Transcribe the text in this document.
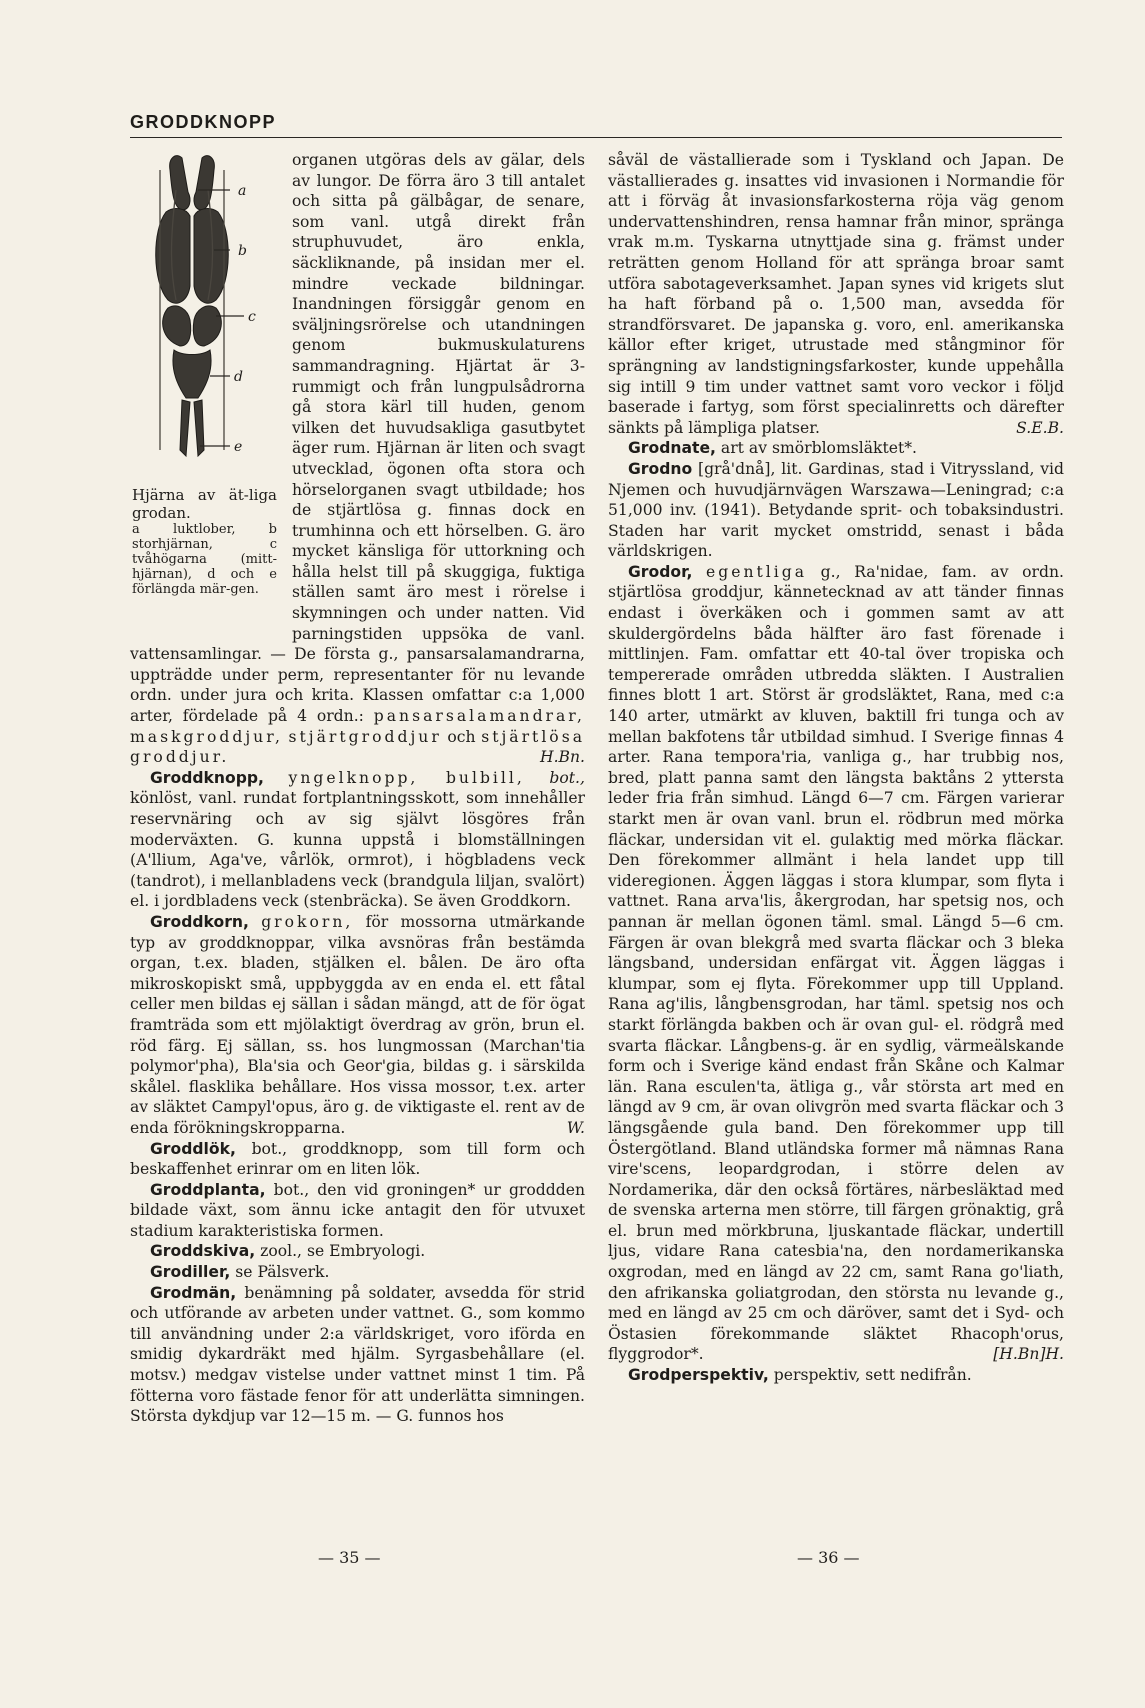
GRODDKNOPP
a
b
c
d
e
Hjärna av ät-liga grodan.
a luktlober, b storhjärnan, c tvåhögarna (mitt-hjärnan), d och e förlängda mär-gen.

organen utgöras dels av gälar, dels av lungor. De förra äro 3 till antalet och sitta på gälbågar, de senare, som vanl. utgå direkt från struphuvudet, äro enkla, säckliknande, på insidan mer el. mindre veckade bildningar. Inandningen försiggår genom en sväljningsrörelse och utandningen genom bukmuskulaturens sammandragning. Hjärtat är 3-rummigt och från lungpulsådrorna gå stora kärl till huden, genom vilken det huvudsakliga gasutbytet äger rum. Hjärnan är liten och svagt utvecklad, ögonen ofta stora och hörselorganen svagt utbildade; hos de stjärtlösa g. finnas dock en trumhinna och ett hörselben. G. äro mycket känsliga för uttorkning och hålla helst till på skuggiga, fuktiga ställen samt äro mest i rörelse i skymningen och under natten. Vid parningstiden uppsöka de vanl. vattensamlingar. — De första g., pansarsalamandrarna, uppträdde under perm, representanter för nu levande ordn. under jura och krita. Klassen omfattar c:a 1,000 arter, fördelade på 4 ordn.: pansarsalamandrar, maskgroddjur, stjärtgroddjur och stjärtlösa groddjur.	H.Bn.

Groddknopp, yngelknopp, bulbill, bot., könlöst, vanl. rundat fortplantningsskott, som innehåller reservnäring och av sig självt lösgöres från moderväxten. G. kunna uppstå i blomställningen (A'llium, Aga've, vårlök, ormrot), i högbladens veck (tandrot), i mellanbladens veck (brandgula liljan, svalört) el. i jordbladens veck (stenbräcka). Se även Groddkorn.

Groddkorn, grokorn, för mossorna utmärkande typ av groddknoppar, vilka avsnöras från bestämda organ, t.ex. bladen, stjälken el. bålen. De äro ofta mikroskopiskt små, uppbyggda av en enda el. ett fåtal celler men bildas ej sällan i sådan mängd, att de för ögat framträda som ett mjölaktigt överdrag av grön, brun el. röd färg. Ej sällan, ss. hos lungmossan (Marchan'tia polymor'pha), Bla'sia och Geor'gia, bildas g. i särskilda skålel. flasklika behållare. Hos vissa mossor, t.ex. arter av släktet Campyl'opus, äro g. de viktigaste el. rent av de enda förökningskropparna.	W.

Groddlök, bot., groddknopp, som till form och beskaffenhet erinrar om en liten lök.

Groddplanta, bot., den vid groningen* ur groddden bildade växt, som ännu icke antagit den för utvuxet stadium karakteristiska formen.

Groddskiva, zool., se Embryologi.

Grodiller, se Pälsverk.

Grodmän, benämning på soldater, avsedda för strid och utförande av arbeten under vattnet. G., som kommo till användning under 2:a världskriget, voro iförda en smidig dykardräkt med hjälm. Syrgasbehållare (el. motsv.) medgav vistelse under vattnet minst 1 tim. På fötterna voro fästade fenor för att underlätta simningen. Största dykdjup var 12—15 m. — G. funnos hos

såväl de västallierade som i Tyskland och Japan. De västallierades g. insattes vid invasionen i Normandie för att i förväg åt invasionsfarkosterna röja väg genom undervattenshindren, rensa hamnar från minor, spränga vrak m.m. Tyskarna utnyttjade sina g. främst under reträtten genom Holland för att spränga broar samt utföra sabotageverksamhet. Japan synes vid krigets slut ha haft förband på o. 1,500 man, avsedda för strandförsvaret. De japanska g. voro, enl. amerikanska källor efter kriget, utrustade med stångminor för sprängning av landstigningsfarkoster, kunde uppehålla sig intill 9 tim under vattnet samt voro veckor i följd baserade i fartyg, som först specialinretts och därefter sänkts på lämpliga platser.	S.E.B.

Grodnate, art av smörblomsläktet*.

Grodno [grå'dnå], lit. Gardinas, stad i Vitryssland, vid Njemen och huvudjärnvägen Warszawa—Leningrad; c:a 51,000 inv. (1941). Betydande sprit- och tobaksindustri. Staden har varit mycket omstridd, senast i båda världskrigen.

Grodor, egentliga g., Ra'nidae, fam. av ordn. stjärtlösa groddjur, kännetecknad av att tänder finnas endast i överkäken och i gommen samt av att skuldergördelns båda hälfter äro fast förenade i mittlinjen. Fam. omfattar ett 40-tal över tropiska och tempererade områden utbredda släkten. I Australien finnes blott 1 art. Störst är grodsläktet, Rana, med c:a 140 arter, utmärkt av kluven, baktill fri tunga och av mellan bakfotens tår utbildad simhud. I Sverige finnas 4 arter. Rana tempora'ria, vanliga g., har trubbig nos, bred, platt panna samt den längsta baktåns 2 yttersta leder fria från simhud. Längd 6—7 cm. Färgen varierar starkt men är ovan vanl. brun el. rödbrun med mörka fläckar, undersidan vit el. gulaktig med mörka fläckar. Den förekommer allmänt i hela landet upp till videregionen. Äggen läggas i stora klumpar, som flyta i vattnet. Rana arva'lis, åkergrodan, har spetsig nos, och pannan är mellan ögonen täml. smal. Längd 5—6 cm. Färgen är ovan blekgrå med svarta fläckar och 3 bleka längsband, undersidan enfärgat vit. Äggen läggas i klumpar, som ej flyta. Förekommer upp till Uppland. Rana ag'ilis, långbensgrodan, har täml. spetsig nos och starkt förlängda bakben och är ovan gul- el. rödgrå med svarta fläckar. Långbens-g. är en sydlig, värmeälskande form och i Sverige känd endast från Skåne och Kalmar län. Rana esculen'ta, ätliga g., vår största art med en längd av 9 cm, är ovan olivgrön med svarta fläckar och 3 längsgående gula band. Den förekommer upp till Östergötland. Bland utländska former må nämnas Rana vire'scens, leopardgrodan, i större delen av Nordamerika, där den också förtäres, närbesläktad med de svenska arterna men större, till färgen grönaktig, grå el. brun med mörkbruna, ljuskantade fläckar, undertill ljus, vidare Rana catesbia'na, den nordamerikanska oxgrodan, med en längd av 22 cm, samt Rana go'liath, den afrikanska goliatgrodan, den största nu levande g., med en längd av 25 cm och däröver, samt det i Syd- och Östasien förekommande släktet Rhacoph'orus, flyggrodor*.	[H.Bn]H.

Grodperspektiv, perspektiv, sett nedifrån.

— 35 —	— 36 —
